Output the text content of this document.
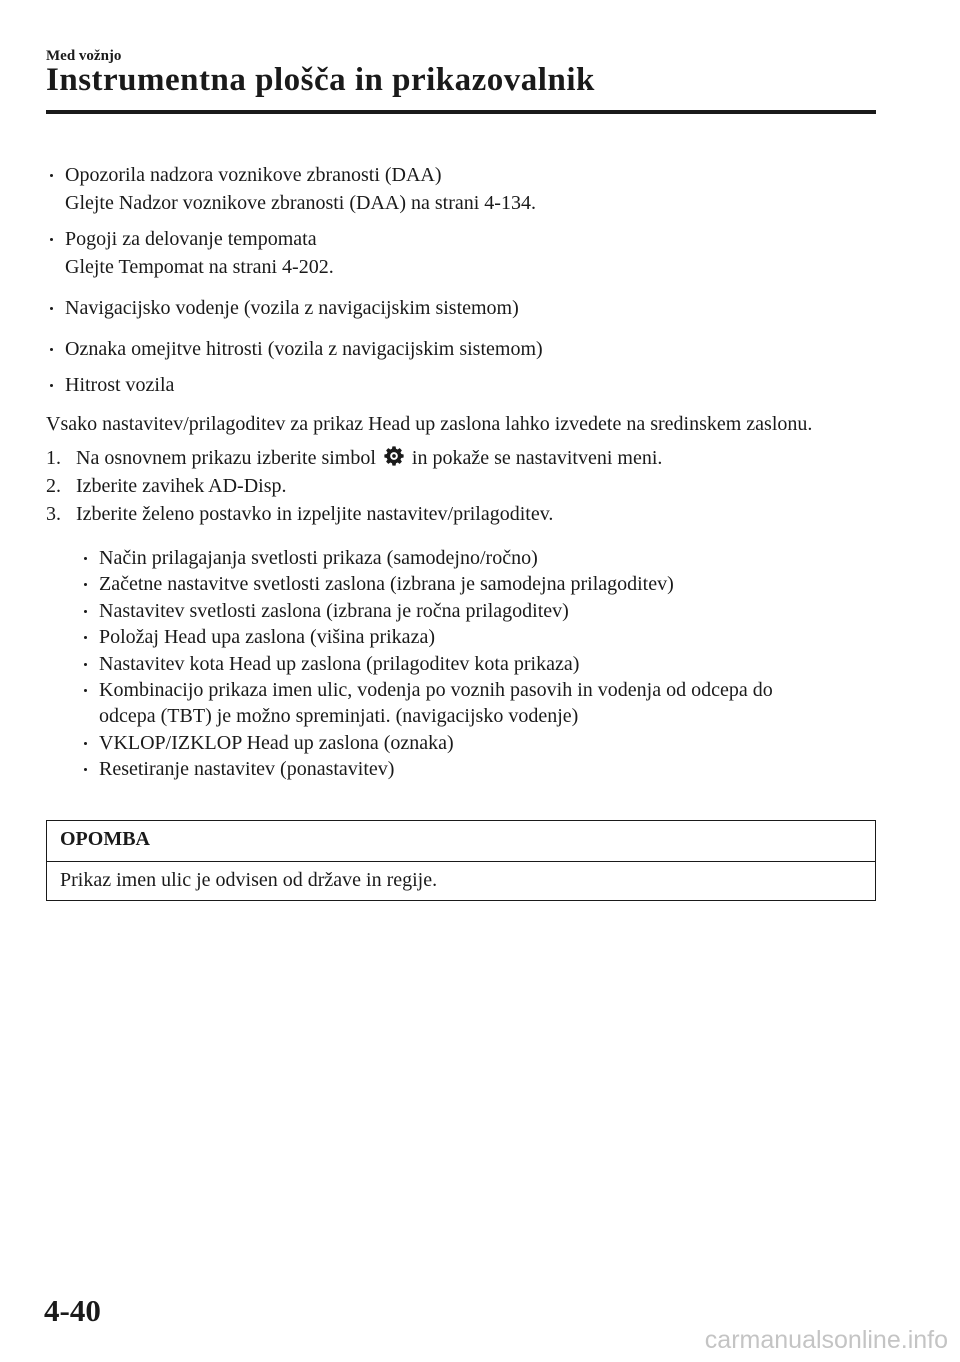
Med vožnjo
Instrumentna plošča in prikazovalnik
Opozorila nadzora voznikove zbranosti (DAA)
Glejte Nadzor voznikove zbranosti (DAA) na strani 4-134.
Pogoji za delovanje tempomata
Glejte Tempomat na strani 4-202.
Navigacijsko vodenje (vozila z navigacijskim sistemom)
Oznaka omejitve hitrosti (vozila z navigacijskim sistemom)
Hitrost vozila
Vsako nastavitev/prilagoditev za prikaz Head up zaslona lahko izvedete na sredinskem zaslonu.
1. Na osnovnem prikazu izberite simbol in pokaže se nastavitveni meni.
2. Izberite zavihek AD-Disp.
3. Izberite želeno postavko in izpeljite nastavitev/prilagoditev.
Način prilagajanja svetlosti prikaza (samodejno/ročno)
Začetne nastavitve svetlosti zaslona (izbrana je samodejna prilagoditev)
Nastavitev svetlosti zaslona (izbrana je ročna prilagoditev)
Položaj Head upa zaslona (višina prikaza)
Nastavitev kota Head up zaslona (prilagoditev kota prikaza)
Kombinacijo prikaza imen ulic, vodenja po voznih pasovih in vodenja od odcepa do
odcepa (TBT) je možno spreminjati. (navigacijsko vodenje)
VKLOP/IZKLOP Head up zaslona (oznaka)
Resetiranje nastavitev (ponastavitev)
OPOMBA
Prikaz imen ulic je odvisen od države in regije.
4-40
carmanualsonline.info
